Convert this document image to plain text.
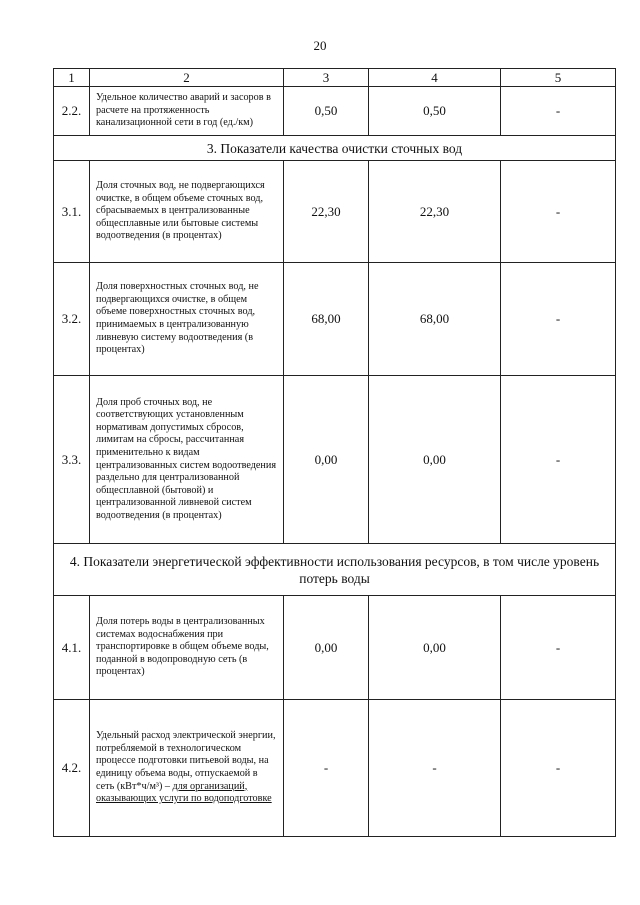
20
1	2	3	4	5
2.2.	Удельное количество аварий и засоров в расчете на протяженность канализационной сети в год (ед./км)	0,50	0,50	-
3. Показатели качества очистки сточных вод				
3.1.	Доля сточных вод, не подвергающихся очистке, в общем объеме сточных вод, сбрасываемых в централизованные общесплавные или бытовые системы водоотведения (в процентах)	22,30	22,30	-
3.2.	Доля поверхностных сточных вод, не подвергающихся очистке, в общем объеме поверхностных сточных вод, принимаемых в централизованную ливневую систему водоотведения (в процентах)	68,00	68,00	-
3.3.	Доля проб сточных вод, не соответствующих установленным нормативам допустимых сбросов, лимитам на сбросы, рассчитанная применительно к видам централизованных систем водоотведения раздельно для централизованной общесплавной (бытовой) и централизованной ливневой систем водоотведения (в процентах)	0,00	0,00	-
4. Показатели энергетической эффективности использования ресурсов, в том числе уровень потерь воды				
4.1.	Доля потерь воды в централизованных системах водоснабжения при транспортировке в общем объеме воды, поданной в водопроводную сеть (в процентах)	0,00	0,00	-
4.2.	Удельный расход электрической энергии, потребляемой в технологическом процессе подготовки питьевой воды, на единицу объема воды, отпускаемой в сеть (кВт*ч/м³) – для организаций, оказывающих услуги по водоподготовке	-	-	-
